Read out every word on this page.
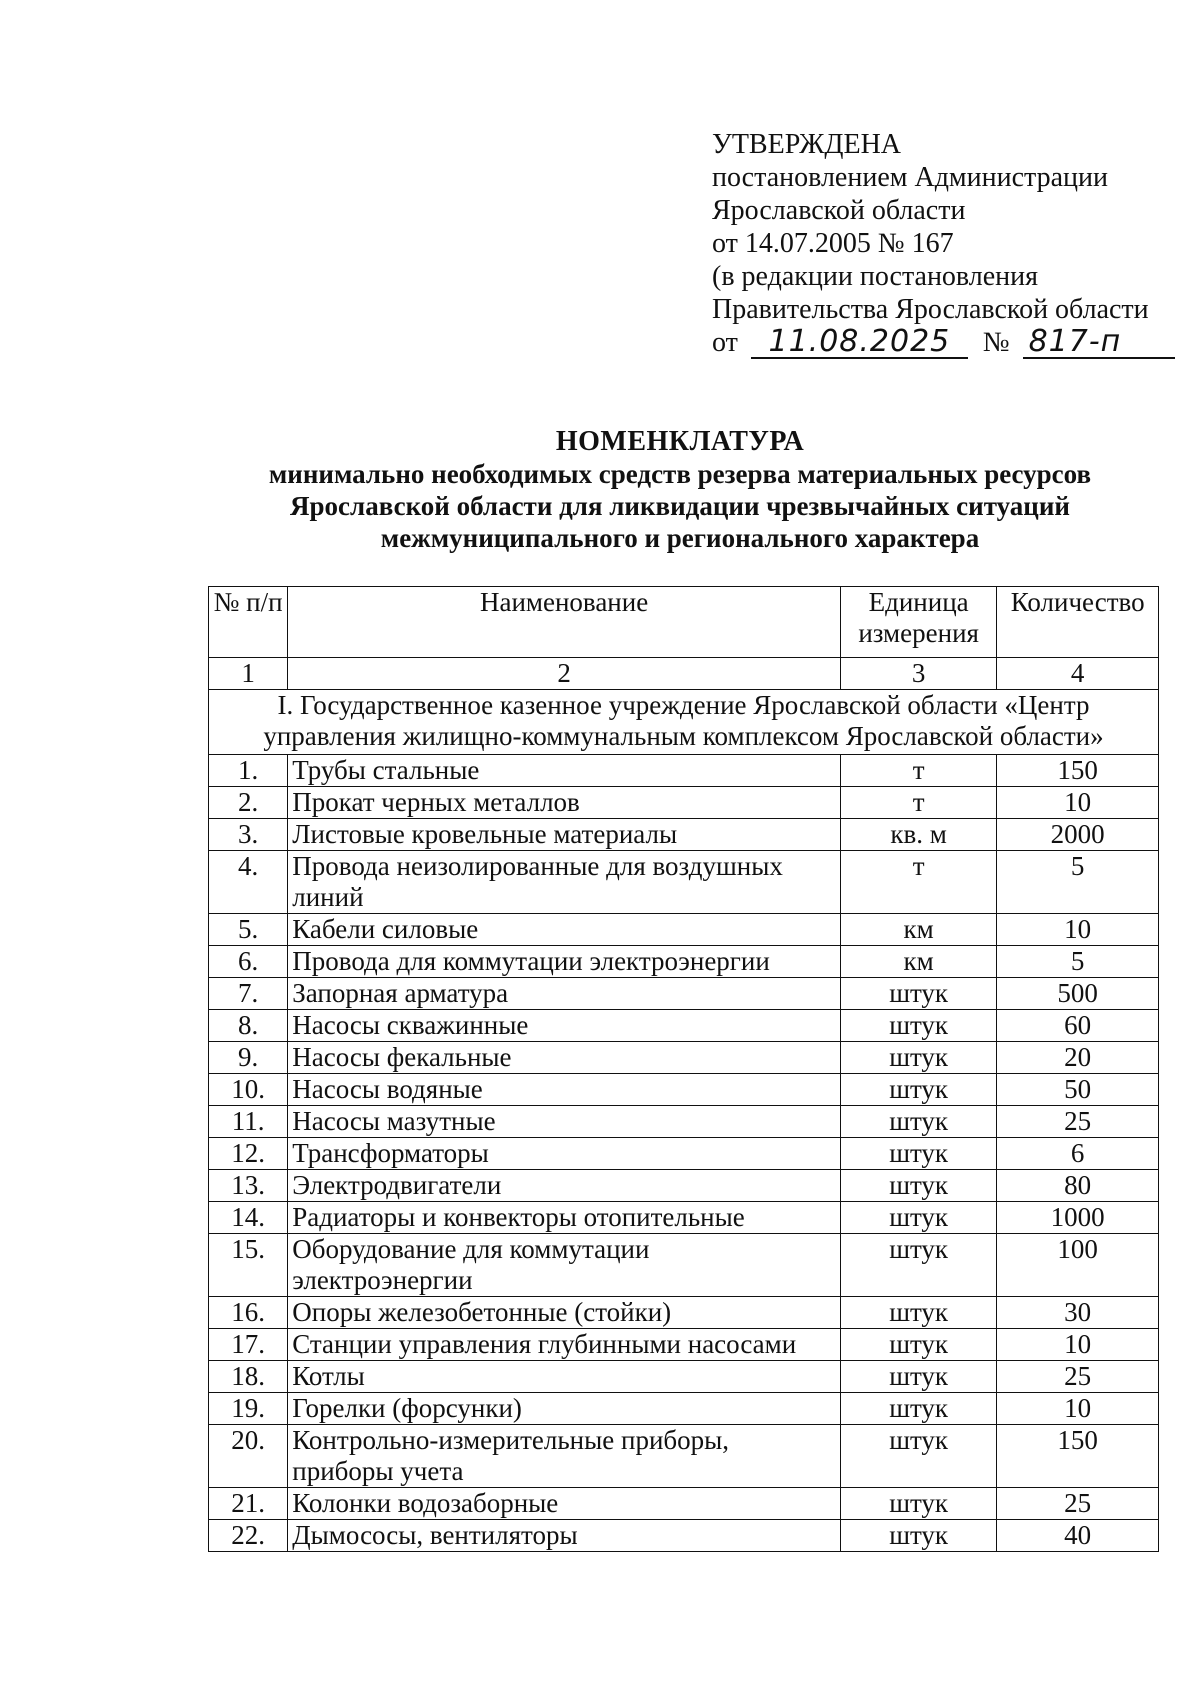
УТВЕРЖДЕНА
постановлением Администрации
Ярославской области
от 14.07.2005 № 167
(в редакции постановления
Правительства Ярославской области
от 11.08.2025 № 817-п
НОМЕНКЛАТУРА
минимально необходимых средств резерва материальных ресурсов
Ярославской области для ликвидации чрезвычайных ситуаций
межмуниципального и регионального характера
№ п/п	Наименование	Единица измерения	Количество
1	2	3	4
I. Государственное казенное учреждение Ярославской области «Центр управления жилищно-коммунальным комплексом Ярославской области»			
1.	Трубы стальные	т	150
2.	Прокат черных металлов	т	10
3.	Листовые кровельные материалы	кв. м	2000
4.	Провода неизолированные для воздушных линий	т	5
5.	Кабели силовые	км	10
6.	Провода для коммутации электроэнергии	км	5
7.	Запорная арматура	штук	500
8.	Насосы скважинные	штук	60
9.	Насосы фекальные	штук	20
10.	Насосы водяные	штук	50
11.	Насосы мазутные	штук	25
12.	Трансформаторы	штук	6
13.	Электродвигатели	штук	80
14.	Радиаторы и конвекторы отопительные	штук	1000
15.	Оборудование для коммутации электроэнергии	штук	100
16.	Опоры железобетонные (стойки)	штук	30
17.	Станции управления глубинными насосами	штук	10
18.	Котлы	штук	25
19.	Горелки (форсунки)	штук	10
20.	Контрольно-измерительные приборы, приборы учета	штук	150
21.	Колонки водозаборные	штук	25
22.	Дымососы, вентиляторы	штук	40
